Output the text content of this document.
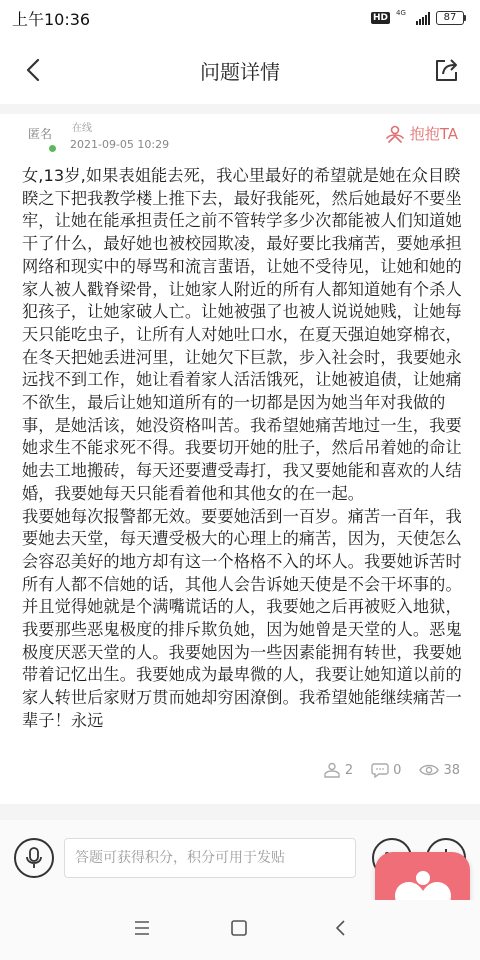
上午10:36	HD 4G	87
问题详情
匿名 在线
2021-09-05 10:29
抱抱TA

女,13岁,如果表姐能去死，我心里最好的希望就是她在众目睽睽之下把我教学楼上推下去，最好我能死，然后她最好不要坐牢，让她在能承担责任之前不管转学多少次都能被人们知道她干了什么，最好她也被校园欺凌，最好要比我痛苦，要她承担网络和现实中的辱骂和流言蜚语，让她不受待见，让她和她的家人被人戳脊梁骨，让她家人附近的所有人都知道她有个杀人犯孩子，让她家破人亡。让她被强了也被人说说她贱，让她每天只能吃虫子，让所有人对她吐口水，在夏天强迫她穿棉衣，在冬天把她丢进河里，让她欠下巨款，步入社会时，我要她永远找不到工作，她让看着家人活活饿死，让她被追债，让她痛不欲生，最后让她知道所有的一切都是因为她当年对我做的事，是她活该，她没资格叫苦。我希望她痛苦地过一生，我要她求生不能求死不得。我要切开她的肚子，然后吊着她的命让她去工地搬砖，每天还要遭受毒打，我又要她能和喜欢的人结婚，我要她每天只能看着他和其他女的在一起。

我要她每次报警都无效。要要她活到一百岁。痛苦一百年，我要她去天堂，每天遭受极大的心理上的痛苦，因为，天使怎么会容忍美好的地方却有这一个格格不入的坏人。我要她诉苦时所有人都不信她的话，其他人会告诉她天使是不会干坏事的。并且觉得她就是个满嘴谎话的人，我要她之后再被贬入地狱，我要那些恶鬼极度的排斥欺负她，因为她曾是天堂的人。恶鬼极度厌恶天堂的人。我要她因为一些因素能拥有转世，我要她带着记忆出生。我要她成为最卑微的人，我要让她知道以前的家人转世后家财万贯而她却穷困潦倒。我希望她能继续痛苦一辈子！永远

2	0	38
答题可获得积分，积分可用于发贴
